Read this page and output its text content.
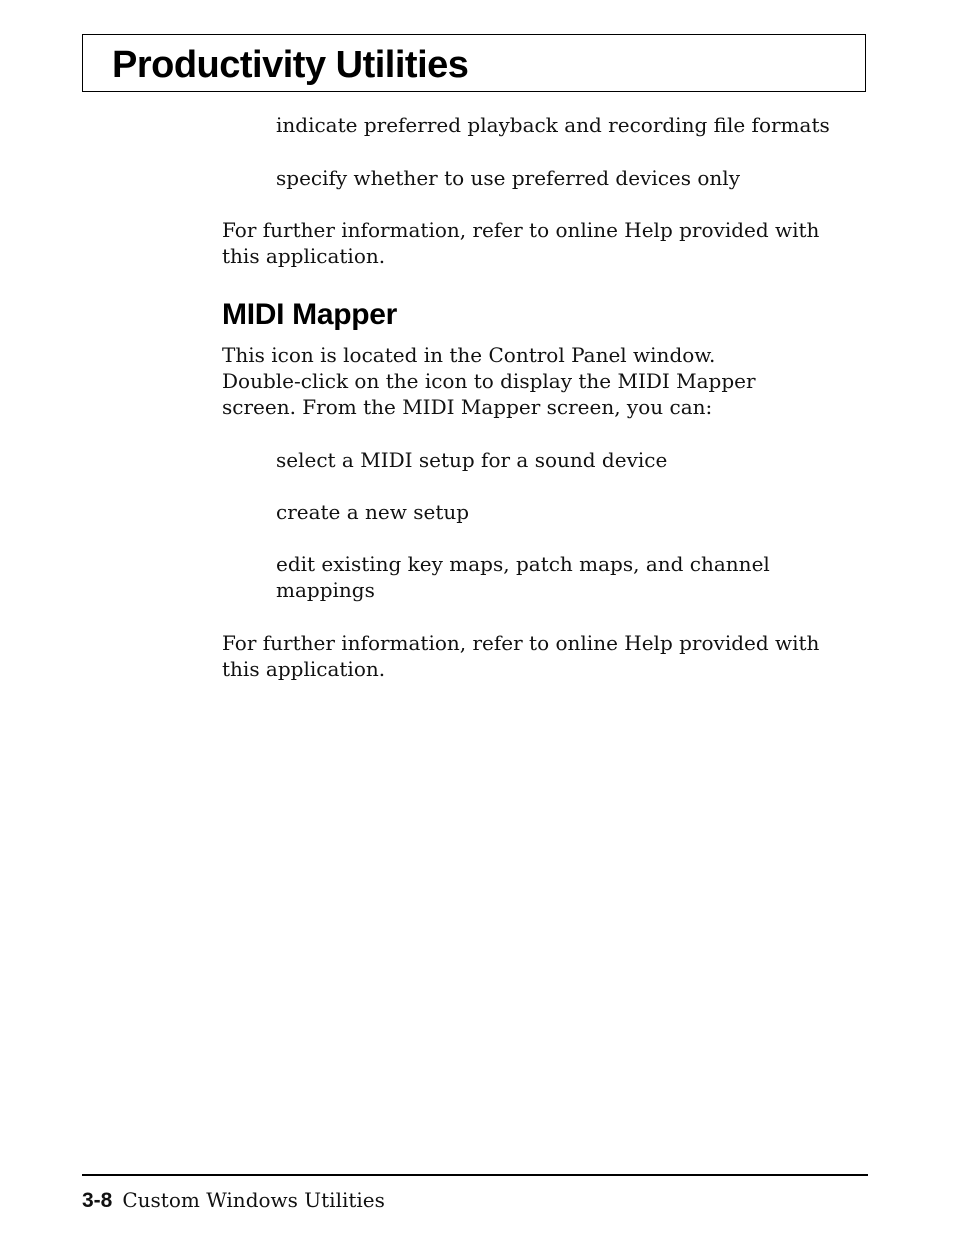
Productivity Utilities

indicate preferred playback and recording file formats

specify whether to use preferred devices only

For further information, refer to online Help provided with

this application.

MIDI Mapper

This icon is located in the Control Panel window.

Double-click on the icon to display the MIDI Mapper

screen. From the MIDI Mapper screen, you can:

select a MIDI setup for a sound device

create a new setup

edit existing key maps, patch maps, and channel

mappings

For further information, refer to online Help provided with

this application.

3-8 Custom Windows Utilities
